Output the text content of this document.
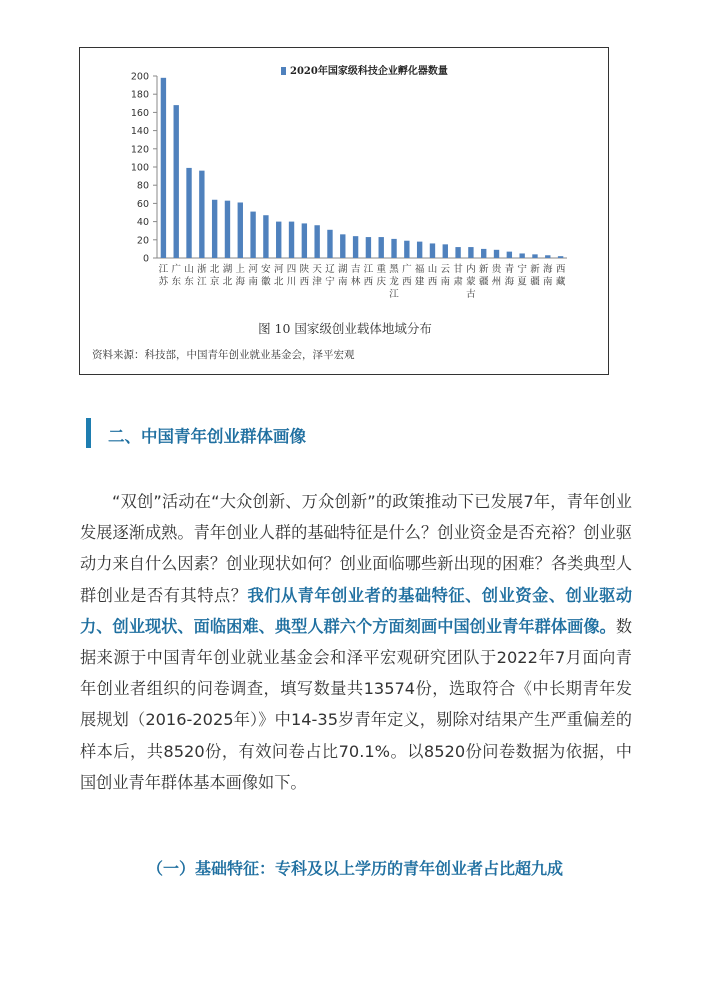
0
20
40
60
80
100
120
140
160
180
200
江
苏
广
东
山
东
浙
江
北
京
湖
北
上
海
河
南
安
徽
河
北
四
川
陕
西
天
津
辽
宁
湖
南
吉
林
江
西
重
庆
黑
龙
江
广
西
福
建
山
西
云
南
甘
肃
内
蒙
古
新
疆
贵
州
青
海
宁
夏
新
疆
海
南
西
藏
2020年国家级科技企业孵化器数量
图 10 国家级创业载体地域分布
资料来源：科技部，中国青年创业就业基金会，泽平宏观
二、中国青年创业群体画像

“双创”活动在“大众创新、万众创新”的政策推动下已发展7年，青年创业发展逐渐成熟。青年创业人群的基础特征是什么？创业资金是否充裕？创业驱动力来自什么因素？创业现状如何？创业面临哪些新出现的困难？各类典型人群创业是否有其特点？我们从青年创业者的基础特征、创业资金、创业驱动力、创业现状、面临困难、典型人群六个方面刻画中国创业青年群体画像。数据来源于中国青年创业就业基金会和泽平宏观研究团队于2022年7月面向青年创业者组织的问卷调查，填写数量共13574份，选取符合《中长期青年发展规划（2016-2025年）》中14-35岁青年定义，剔除对结果产生严重偏差的样本后，共8520份，有效问卷占比70.1%。以8520份问卷数据为依据，中国创业青年群体基本画像如下。

（一）基础特征：专科及以上学历的青年创业者占比超九成
